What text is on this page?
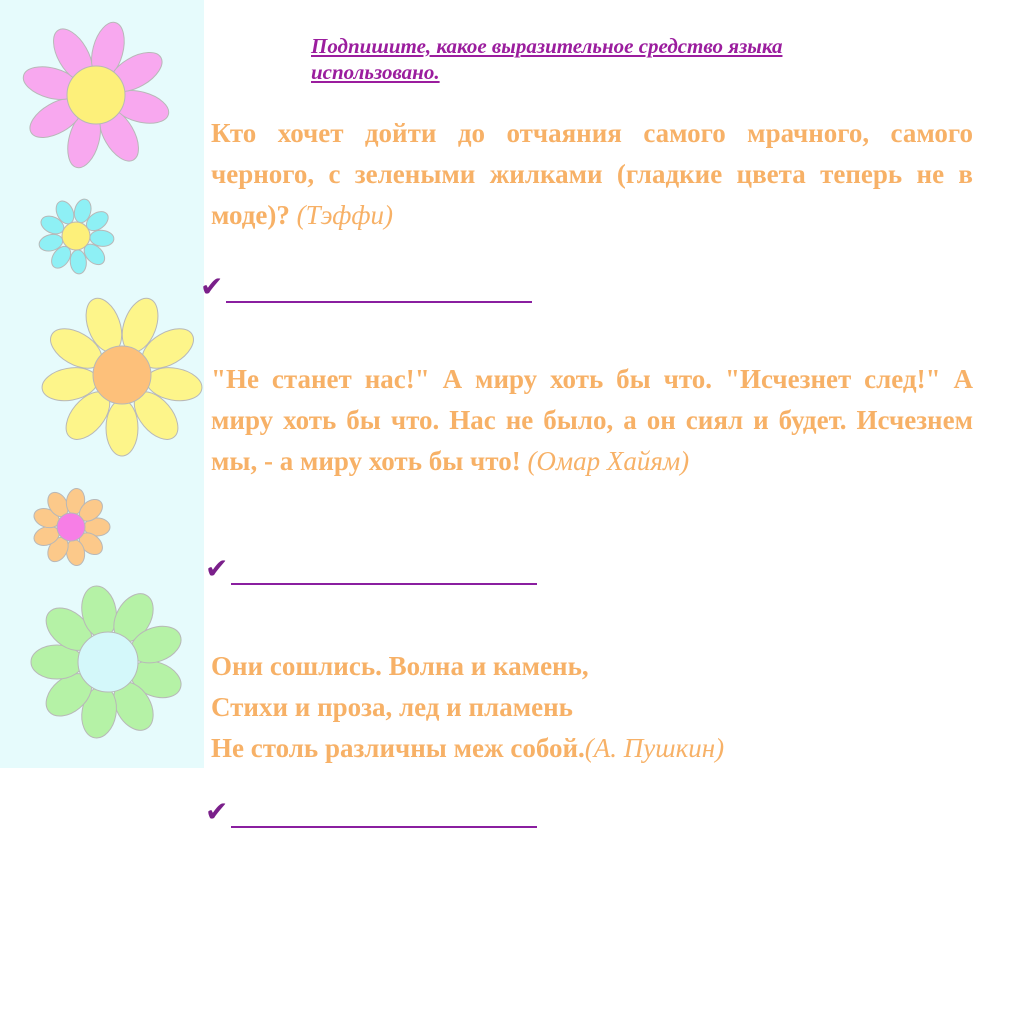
Подпишите, какое выразительное средство языка использовано.
Кто хочет дойти до отчаяния самого мрачного, самого черного, с зелеными жилками (гладкие цвета теперь не в моде)? (Тэффи)
✔
"Не станет нас!" А миру хоть бы что. "Исчезнет след!" А миру хоть бы что. Нас не было, а он сиял и будет. Исчезнем мы, - а миру хоть бы что! (Омар Хайям)
✔
Они сошлись. Волна и камень,
Стихи и проза, лед и пламень
Не столь различны меж собой.(А. Пушкин)
✔
